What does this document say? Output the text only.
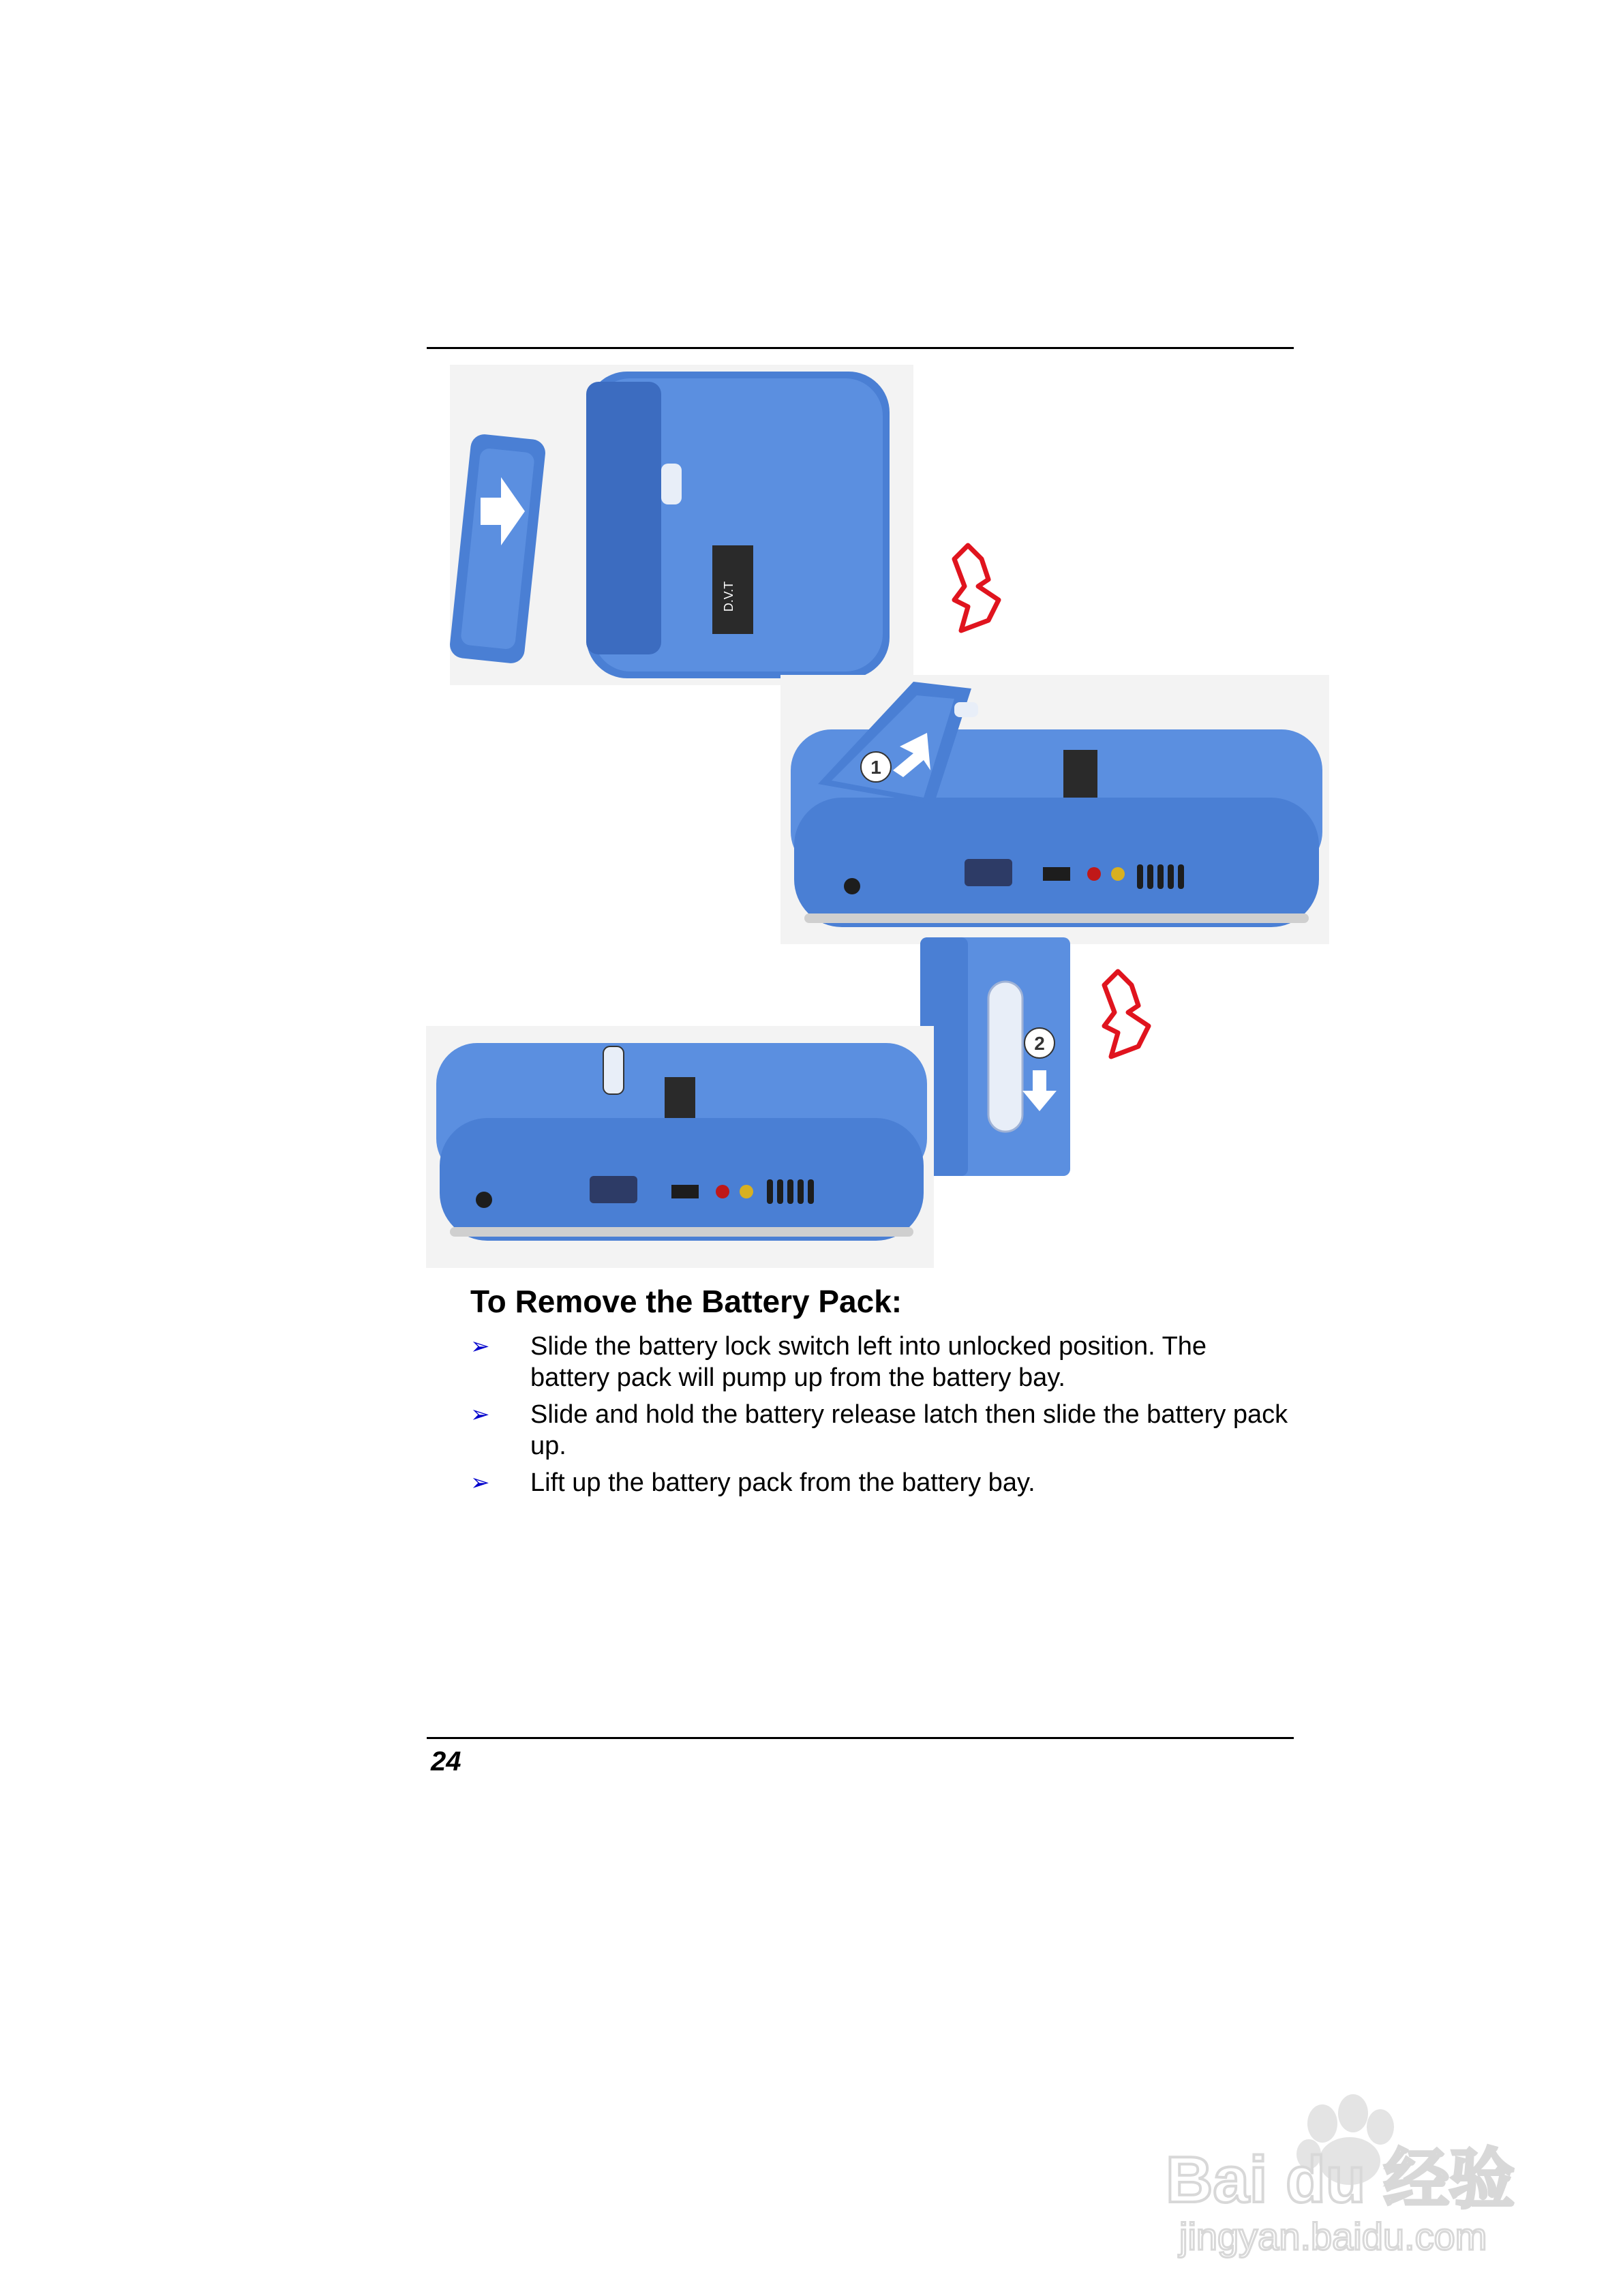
D.V.T
1
2
To Remove the Battery Pack:
➢ Slide the battery lock switch left into unlocked position. The battery pack will pump up from the battery bay.
➢ Slide and hold the battery release latch then slide the battery pack up.
➢ Lift up the battery pack from the battery bay.
24
Bai du 经验
jingyan.baidu.com
